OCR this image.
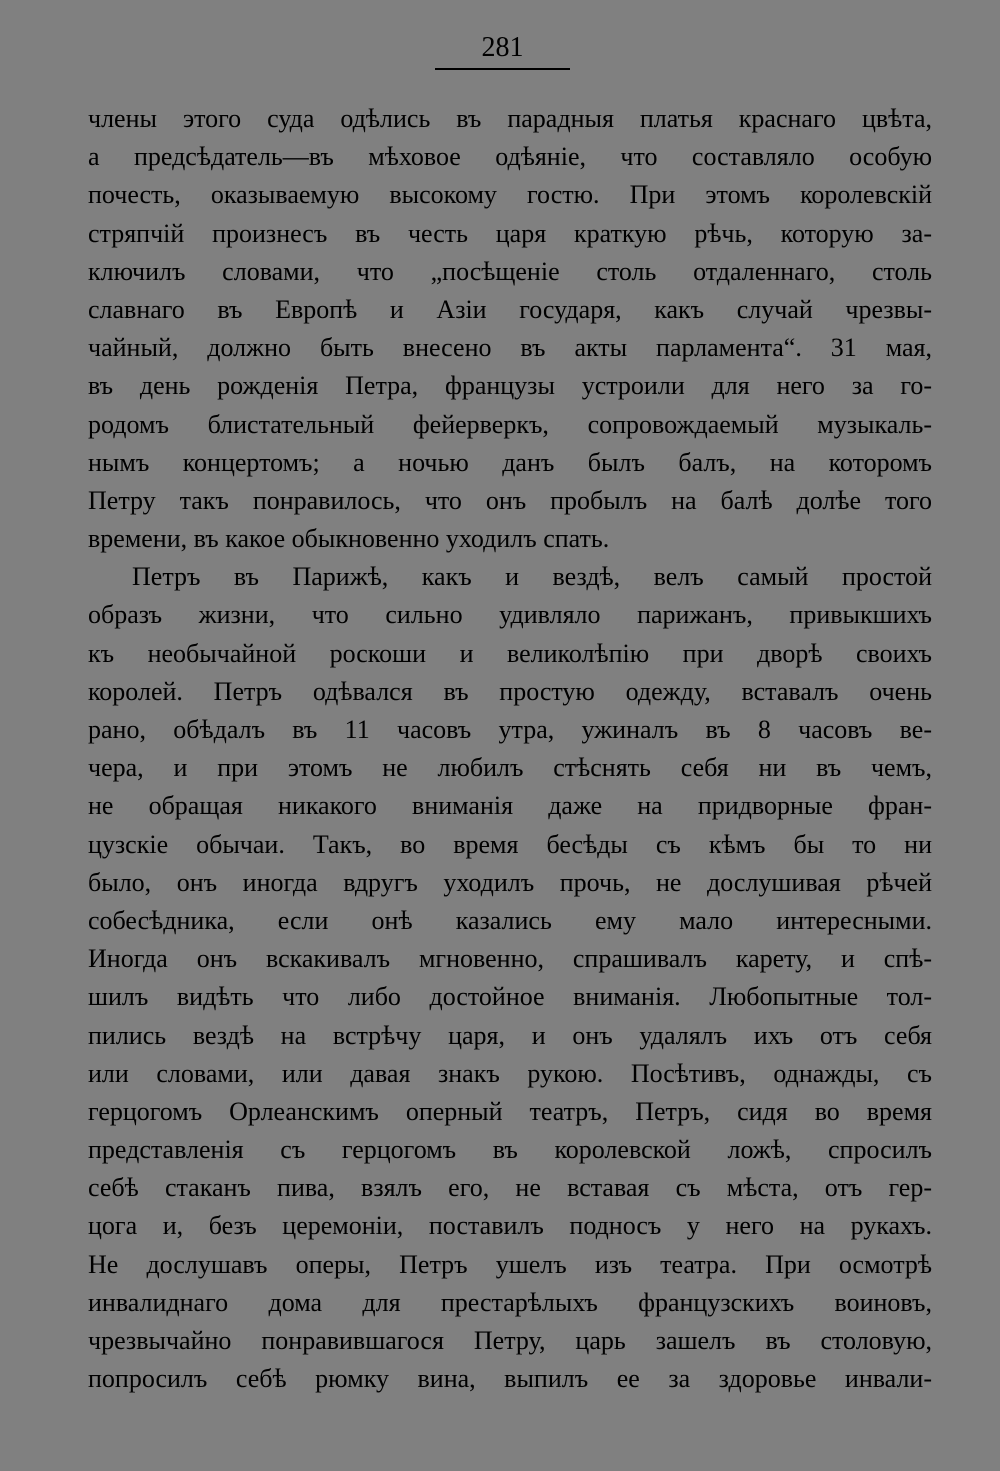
281
члены этого суда одѣлись въ парадныя платья краснаго цвѣта,
а предсѣдатель—въ мѣховое одѣяніе, что составляло особую
почесть, оказываемую высокому гостю. При этомъ королевскій
стряпчій произнесъ въ честь царя краткую рѣчь, которую за-
ключилъ словами, что „посѣщеніе столь отдаленнаго, столь
славнаго въ Европѣ и Азіи государя, какъ случай чрезвы-
чайный, должно быть внесено въ акты парламента“. 31 мая,
въ день рожденія Петра, французы устроили для него за го-
родомъ блистательный фейерверкъ, сопровождаемый музыкаль-
нымъ концертомъ; а ночью данъ былъ балъ, на которомъ
Петру такъ понравилось, что онъ пробылъ на балѣ долѣе того
времени, въ какое обыкновенно уходилъ спать.
Петръ въ Парижѣ, какъ и вездѣ, велъ самый простой
образъ жизни, что сильно удивляло парижанъ, привыкшихъ
къ необычайной роскоши и великолѣпію при дворѣ своихъ
королей. Петръ одѣвался въ простую одежду, вставалъ очень
рано, обѣдалъ въ 11 часовъ утра, ужиналъ въ 8 часовъ ве-
чера, и при этомъ не любилъ стѣснять себя ни въ чемъ,
не обращая никакого вниманія даже на придворные фран-
цузскіе обычаи. Такъ, во время бесѣды съ кѣмъ бы то ни
было, онъ иногда вдругъ уходилъ прочь, не дослушивая рѣчей
собесѣдника, если онѣ казались ему мало интересными.
Иногда онъ вскакивалъ мгновенно, спрашивалъ карету, и спѣ-
шилъ видѣть что либо достойное вниманія. Любопытные тол-
пились вездѣ на встрѣчу царя, и онъ удалялъ ихъ отъ себя
или словами, или давая знакъ рукою. Посѣтивъ, однажды, съ
герцогомъ Орлеанскимъ оперный театръ, Петръ, сидя во время
представленія съ герцогомъ въ королевской ложѣ, спросилъ
себѣ стаканъ пива, взялъ его, не вставая съ мѣста, отъ гер-
цога и, безъ церемоніи, поставилъ подносъ у него на рукахъ.
Не дослушавъ оперы, Петръ ушелъ изъ театра. При осмотрѣ
инвалиднаго дома для престарѣлыхъ французскихъ воиновъ,
чрезвычайно понравившагося Петру, царь зашелъ въ столовую,
попросилъ себѣ рюмку вина, выпилъ ее за здоровье инвали-
